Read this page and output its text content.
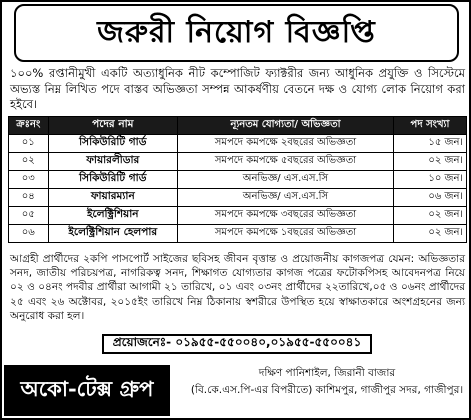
জরুরী নিয়োগ বিজ্ঞপ্তি
১০০% রপ্তানীমুখী একটি অত্যাধুনিক নীট কম্পোজিট ফ্যাক্টরীর জন্য আধুনিক প্রযুক্তি ও সিস্টেমে অভ্যস্ত নিম্ন লিখিত পদে বাস্তব অভিজ্ঞতা সম্পন্ন আকর্ষণীয় বেতনে দক্ষ ও যোগ্য লোক নিয়োগ করা হইবে।
ক্রঃনং	পদের নাম	ন্যূনতম যোগ্যতা/ অভিজ্ঞতা	পদ সংখ্যা
০১	সিকিউরিটি গার্ড	সমপদে কমপক্ষে ২বছরের অভিজ্ঞতা	১৫ জন।
০২	ফায়ারলীডার	সমপদে কমপক্ষে ৫বছরের অভিজ্ঞতা	০২ জন।
০৩	সিকিউরিটি গার্ড	অনভিজ্ঞ/ এস.এস.সি	১০ জন।
০৪	ফায়ারম্যান	অনভিজ্ঞ/ এস.এস.সি	০৬ জন।
০৫	ইলেক্ট্রিশিয়ান	সমপদে কমপক্ষে ৩বছরের অভিজ্ঞতা	০২ জন।
০৬	ইলেক্ট্রিশিয়ান হেলপার	সমপদে কমপক্ষে ১বছরের অভিজ্ঞতা	০২ জন।
আগ্রহী প্রার্থীদের ২কপি পাসপোর্ট সাইজের ছবিসহ জীবন বৃত্তান্ত ও প্রয়োজনীয় কাগজপত্র যেমন: অভিজ্ঞতার সনদ, জাতীয় পরিচয়পত্র, নাগরিকত্ব সনদ, শিক্ষাগত যোগ্যতার কাগজ পত্রের ফটোকপিসহ আবেদনপত্র নিয়ে ০২ ও ০৪নং পদবীর প্রার্থীরা আগামী ২১ তারিখে, ০১ এবং ০৩নং প্রার্থীদের ২২তারিখে,০৫ ও ০৬নং প্রার্থীদের ২৫ এবং ২৬ অক্টোবর, ২০১৫ইং তারিখে নিম্ন ঠিকানায় স্বশরীরে উপস্থিত হয়ে স্বাক্ষাতকারে অংশগ্রহনের জন্য অনুরোধ করা হল।
প্রয়োজনেঃ- ০১৯৫৫-৫৫০০৪০,০১৯৫৫-৫৫০০৪১
অকো-টেক্স গ্রুপ
দক্ষিণ পানিশাইল, জিরানী বাজার
(বি.কে.এস.পি-এর বিপরীতে) কাশিমপুর, গাজীপুর সদর, গাজীপুর।
